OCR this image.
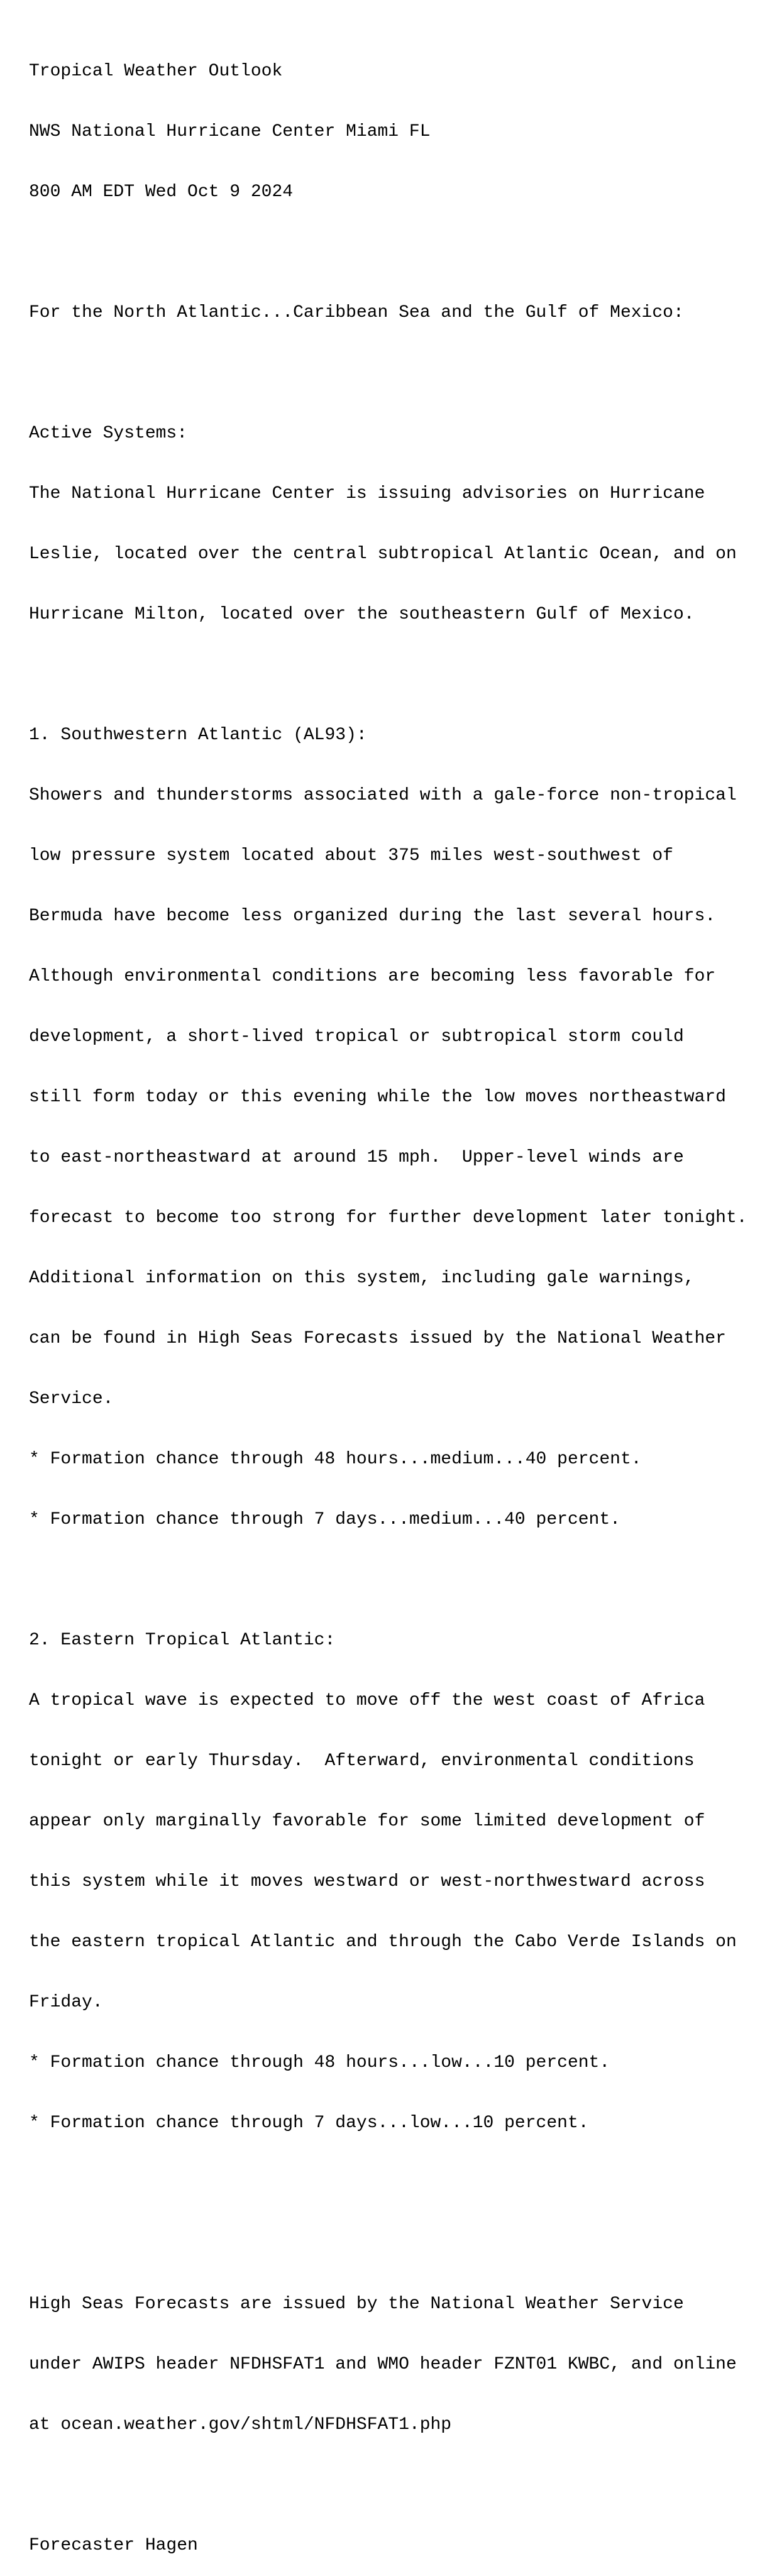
Tropical Weather Outlook

NWS National Hurricane Center Miami FL

800 AM EDT Wed Oct 9 2024

For the North Atlantic...Caribbean Sea and the Gulf of Mexico:

Active Systems:

The National Hurricane Center is issuing advisories on Hurricane

Leslie, located over the central subtropical Atlantic Ocean, and on

Hurricane Milton, located over the southeastern Gulf of Mexico.

1. Southwestern Atlantic (AL93):

Showers and thunderstorms associated with a gale-force non-tropical

low pressure system located about 375 miles west-southwest of

Bermuda have become less organized during the last several hours.

Although environmental conditions are becoming less favorable for

development, a short-lived tropical or subtropical storm could

still form today or this evening while the low moves northeastward

to east-northeastward at around 15 mph.  Upper-level winds are

forecast to become too strong for further development later tonight.

Additional information on this system, including gale warnings,

can be found in High Seas Forecasts issued by the National Weather

Service.

* Formation chance through 48 hours...medium...40 percent.

* Formation chance through 7 days...medium...40 percent.

2. Eastern Tropical Atlantic:

A tropical wave is expected to move off the west coast of Africa

tonight or early Thursday.  Afterward, environmental conditions

appear only marginally favorable for some limited development of

this system while it moves westward or west-northwestward across

the eastern tropical Atlantic and through the Cabo Verde Islands on

Friday.

* Formation chance through 48 hours...low...10 percent.

* Formation chance through 7 days...low...10 percent.

High Seas Forecasts are issued by the National Weather Service

under AWIPS header NFDHSFAT1 and WMO header FZNT01 KWBC, and online

at ocean.weather.gov/shtml/NFDHSFAT1.php

Forecaster Hagen
